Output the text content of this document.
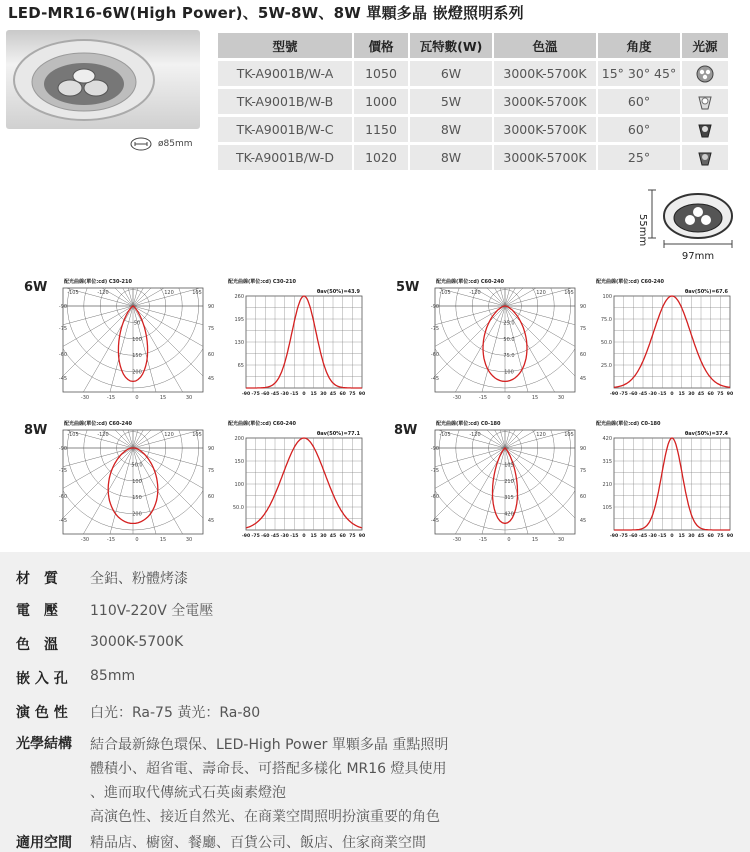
LED-MR16-6W(High Power)、5W-8W、8W 單顆多晶 嵌燈照明系列
ø85mm
型號	價格	瓦特數(W)	色溫	角度	光源
TK-A9001B/W-A	1050	6W	3000K-5700K	15° 30° 45°	

TK-A9001B/W-B	1000	5W	3000K-5700K	60°	

TK-A9001B/W-C	1150	8W	3000K-5700K	60°	

TK-A9001B/W-D	1020	8W	3000K-5700K	25°	
55mm
97mm
6W	5W
8W	8W
配光曲線(單位:cd) C30-210
-105	-120	120	105
-90	90
-75	75
-60	60
-45	45
-30	-15	0	15	30
50
100
150
200
配光曲線(單位:cd) C30-210
θav(50%)=43.9
260
195
130
65
-90 -75 -60 -45 -30 -15 0 15 30 45 60 75 90
配光曲線(單位:cd) C60-240
-105	-120	120	105
-90	90
-75	75
-60	60
-45	45
-30	-15	0	15	30
25.0
50.0
75.0
100
配光曲線(單位:cd) C60-240
θav(50%)=67.6
100
75.0
50.0
25.0
-90 -75 -60 -45 -30 -15 0 15 30 45 60 75 90
配光曲線(單位:cd) C60-240
-105	-120	120	105
-90	90
-75	75
-60	60
-45	45
-30	-15	0	15	30
50.0
100
150
200
配光曲線(單位:cd) C60-240
θav(50%)=77.1
200
150
100
50.0
-90 -75 -60 -45 -30 -15 0 15 30 45 60 75 90
配光曲線(單位:cd) C0-180
-105	-120	120	105
-90	90
-75	75
-60	60
-45	45
-30	-15	0	15	30
105
210
315
420
配光曲線(單位:cd) C0-180
θav(50%)=37.4
420
315
210
105
-90 -75 -60 -45 -30 -15 0 15 30 45 60 75 90
材　質	全鋁、粉體烤漆
電　壓	110V-220V 全電壓
色　溫	3000K-5700K
嵌 入 孔	85mm
演 色 性	白光：Ra-75 黃光：Ra-80
光學結構	結合最新綠色環保、LED-High Power 單顆多晶 重點照明
體積小、超省電、壽命長、可搭配多樣化 MR16 燈具使用
、進而取代傳統式石英鹵素燈泡
高演色性、接近自然光、在商業空間照明扮演重要的角色
適用空間	精品店、櫥窗、餐廳、百貨公司、飯店、住家商業空間
